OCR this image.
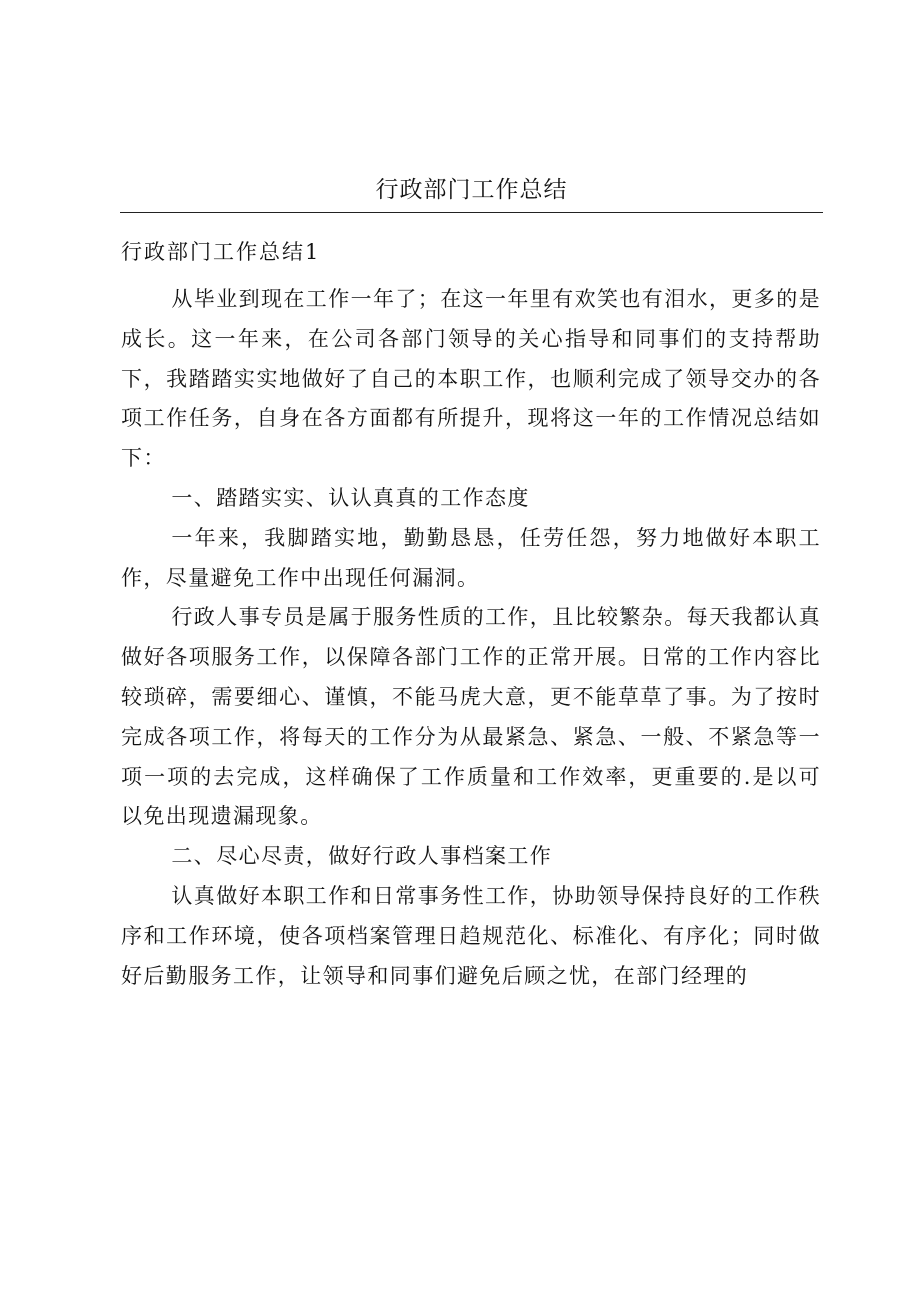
行政部门工作总结
行政部门工作总结1

从毕业到现在工作一年了；在这一年里有欢笑也有泪水，更多的是成长。这一年来，在公司各部门领导的关心指导和同事们的支持帮助下，我踏踏实实地做好了自己的本职工作，也顺利完成了领导交办的各项工作任务，自身在各方面都有所提升，现将这一年的工作情况总结如下：

一、踏踏实实、认认真真的工作态度

一年来，我脚踏实地，勤勤恳恳，任劳任怨，努力地做好本职工作，尽量避免工作中出现任何漏洞。

行政人事专员是属于服务性质的工作，且比较繁杂。每天我都认真做好各项服务工作，以保障各部门工作的正常开展。日常的工作内容比较琐碎，需要细心、谨慎，不能马虎大意，更不能草草了事。为了按时完成各项工作，将每天的工作分为从最紧急、紧急、一般、不紧急等一项一项的去完成，这样确保了工作质量和工作效率，更重要的.是以可以免出现遗漏现象。

二、尽心尽责，做好行政人事档案工作

认真做好本职工作和日常事务性工作，协助领导保持良好的工作秩序和工作环境，使各项档案管理日趋规范化、标准化、有序化；同时做好后勤服务工作，让领导和同事们避免后顾之忧，在部门经理的
